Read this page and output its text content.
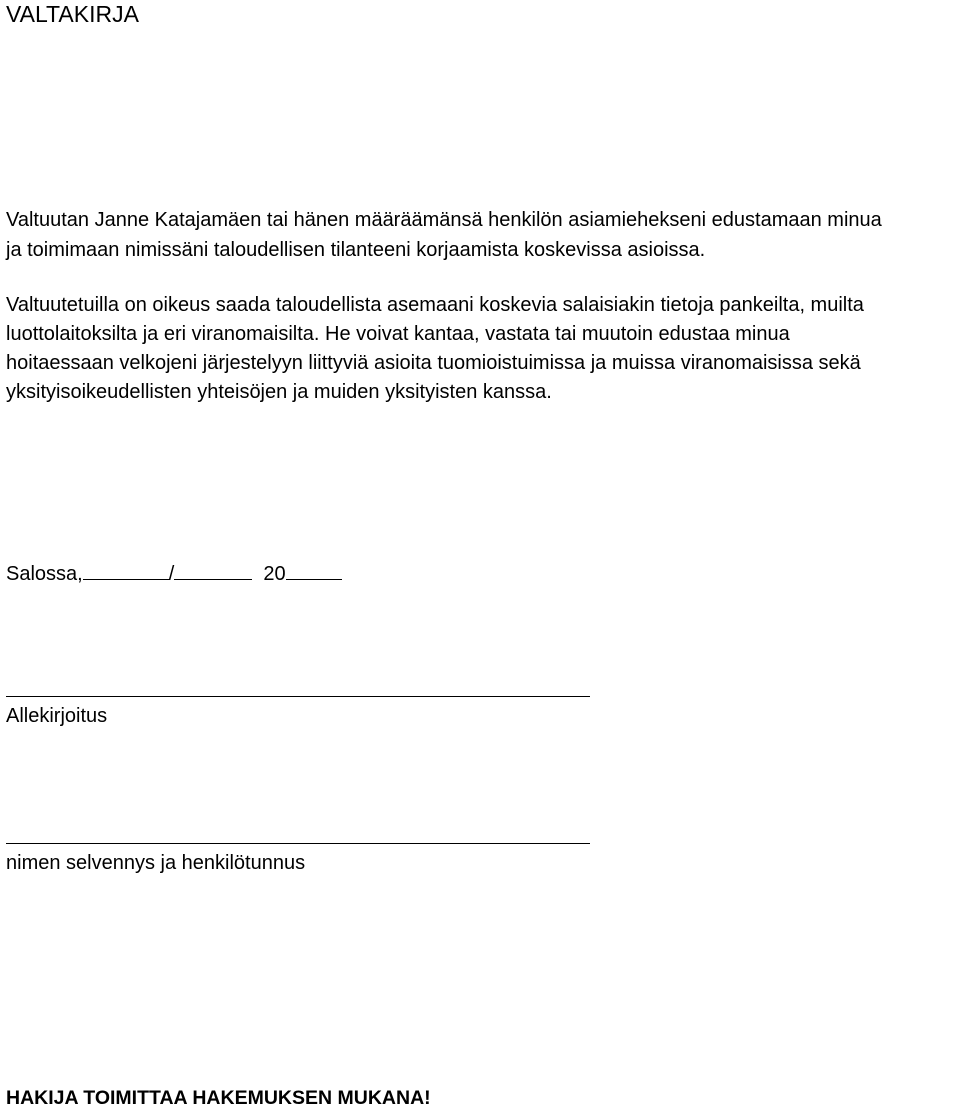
VALTAKIRJA
Valtuutan Janne Katajamäen tai hänen määräämänsä henkilön asiamiehekseni edustamaan minua
ja toimimaan nimissäni taloudellisen tilanteeni korjaamista koskevissa asioissa.
Valtuutetuilla on oikeus saada taloudellista asemaani koskevia salaisiakin tietoja pankeilta, muilta
luottolaitoksilta ja eri viranomaisilta. He voivat kantaa, vastata tai muutoin edustaa minua
hoitaessaan velkojeni järjestelyyn liittyviä asioita tuomioistuimissa ja muissa viranomaisissa sekä
yksityisoikeudellisten yhteisöjen ja muiden yksityisten kanssa.
Salossa,	/	20
Allekirjoitus
nimen selvennys ja henkilötunnus
HAKIJA TOIMITTAA HAKEMUKSEN MUKANA!
